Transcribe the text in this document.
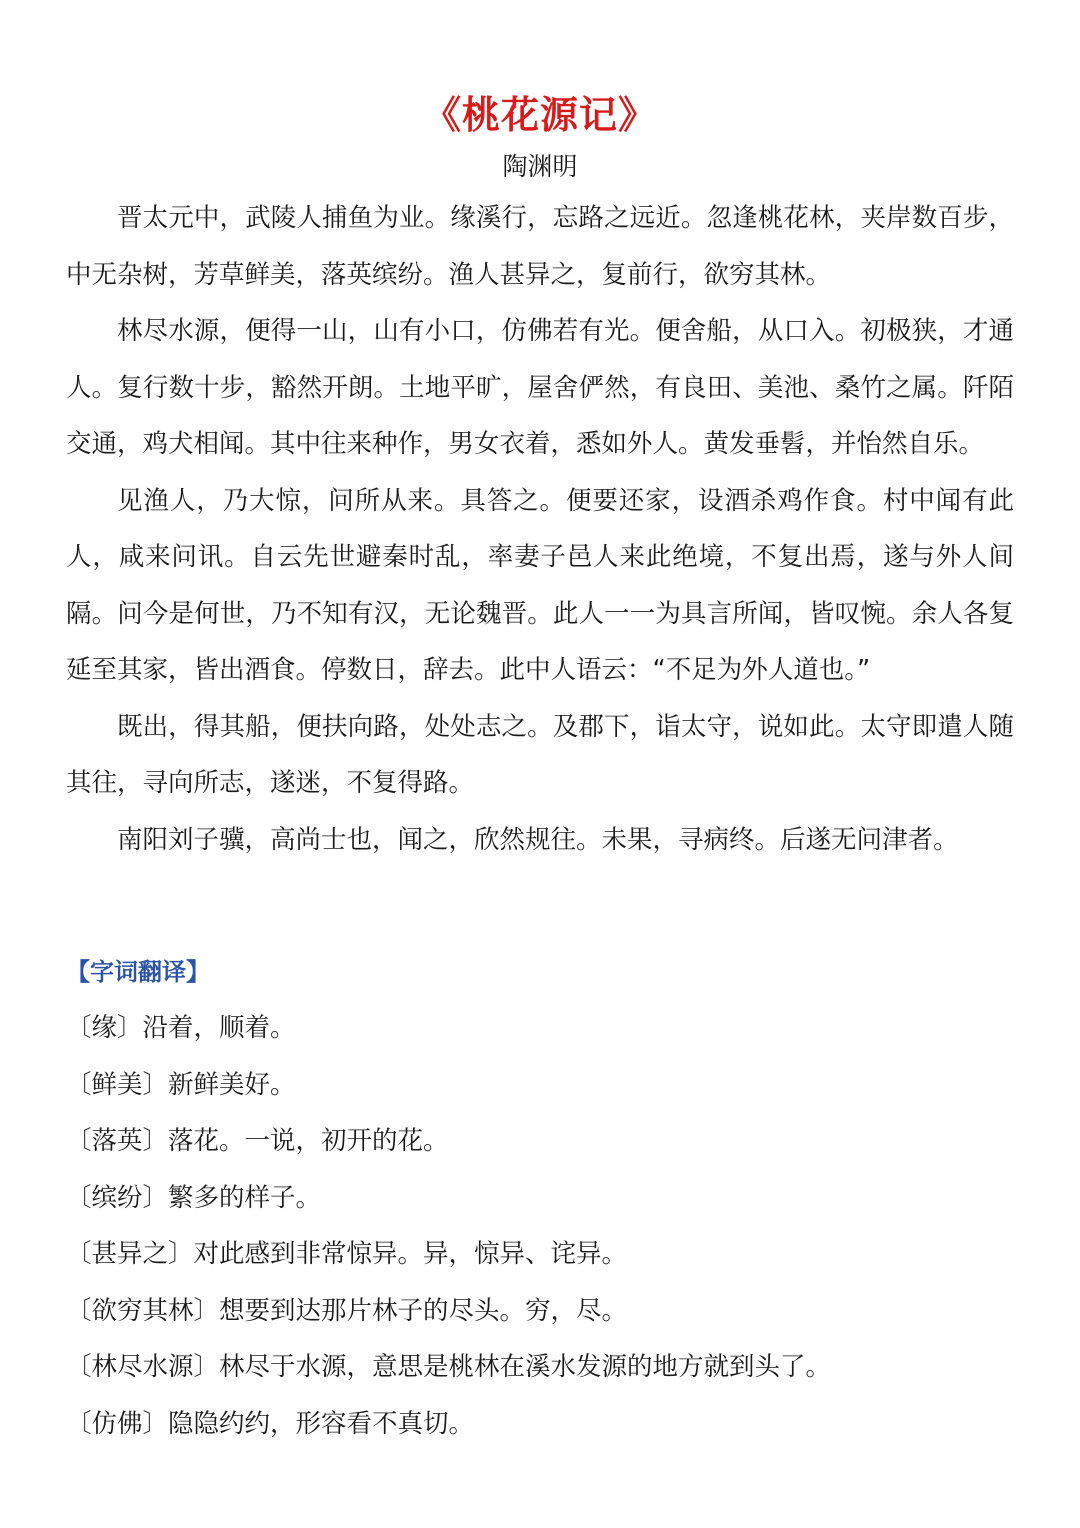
《桃花源记》
陶渊明

晋太元中，武陵人捕鱼为业。缘溪行，忘路之远近。忽逢桃花林，夹岸数百步，中无杂树，芳草鲜美，落英缤纷。渔人甚异之，复前行，欲穷其林。

林尽水源，便得一山，山有小口，仿佛若有光。便舍船，从口入。初极狭，才通人。复行数十步，豁然开朗。土地平旷，屋舍俨然，有良田、美池、桑竹之属。阡陌交通，鸡犬相闻。其中往来种作，男女衣着，悉如外人。黄发垂髫，并怡然自乐。

见渔人，乃大惊，问所从来。具答之。便要还家，设酒杀鸡作食。村中闻有此人，咸来问讯。自云先世避秦时乱，率妻子邑人来此绝境，不复出焉，遂与外人间隔。问今是何世，乃不知有汉，无论魏晋。此人一一为具言所闻，皆叹惋。余人各复延至其家，皆出酒食。停数日，辞去。此中人语云：“不足为外人道也。”

既出，得其船，便扶向路，处处志之。及郡下，诣太守，说如此。太守即遣人随其往，寻向所志，遂迷，不复得路。

南阳刘子骥，高尚士也，闻之，欣然规往。未果，寻病终。后遂无问津者。

【字词翻译】
〔缘〕沿着，顺着。
〔鲜美〕新鲜美好。
〔落英〕落花。一说，初开的花。
〔缤纷〕繁多的样子。
〔甚异之〕对此感到非常惊异。异，惊异、诧异。
〔欲穷其林〕想要到达那片林子的尽头。穷，尽。
〔林尽水源〕林尽于水源，意思是桃林在溪水发源的地方就到头了。
〔仿佛〕隐隐约约，形容看不真切。
